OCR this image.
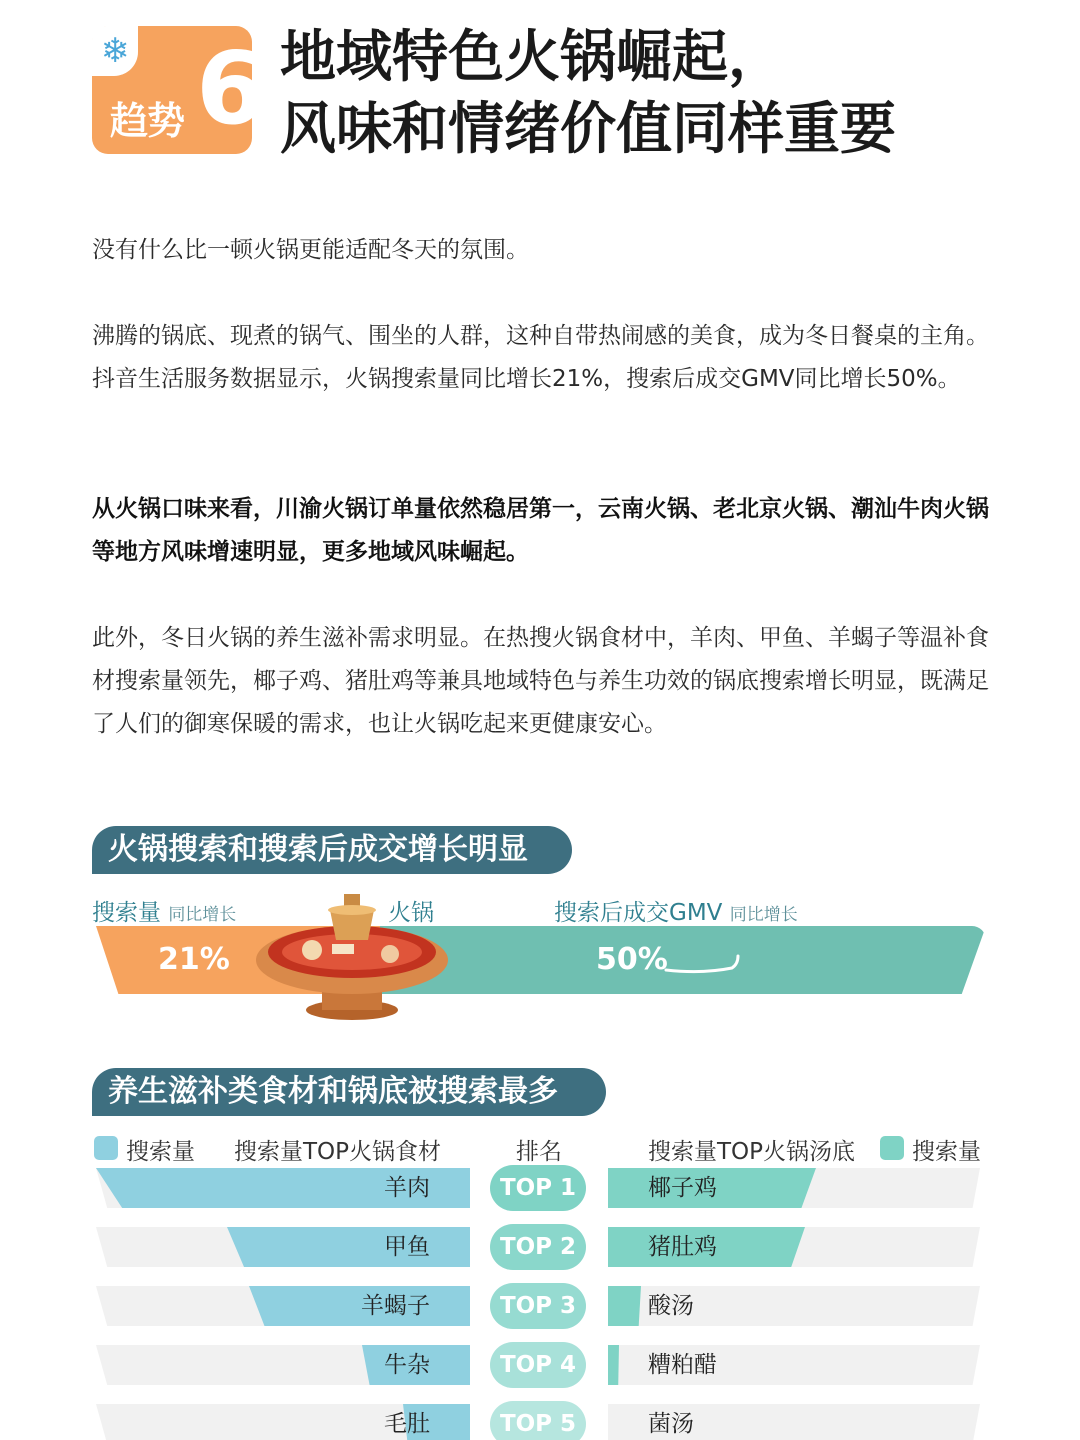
❄
趋势 6 地域特色火锅崛起，
风味和情绪价值同样重要
没有什么比一顿火锅更能适配冬天的氛围。
沸腾的锅底、现煮的锅气、围坐的人群，这种自带热闹感的美食，成为冬日餐桌的主角。抖音生活服务数据显示，火锅搜索量同比增长21%，搜索后成交GMV同比增长50%。
从火锅口味来看，川渝火锅订单量依然稳居第一，云南火锅、老北京火锅、潮汕牛肉火锅等地方风味增速明显，更多地域风味崛起。
此外，冬日火锅的养生滋补需求明显。在热搜火锅食材中，羊肉、甲鱼、羊蝎子等温补食材搜索量领先，椰子鸡、猪肚鸡等兼具地域特色与养生功效的锅底搜索增长明显，既满足了人们的御寒保暖的需求，也让火锅吃起来更健康安心。
火锅搜索和搜索后成交增长明显
搜索量 同比增长	火锅	搜索后成交GMV 同比增长
21%	50%
养生滋补类食材和锅底被搜索最多
搜索量 搜索量TOP火锅食材	排名	搜索量TOP火锅汤底 搜索量
羊肉	TOP 1	椰子鸡
甲鱼	TOP 2	猪肚鸡
羊蝎子	TOP 3	酸汤
牛杂	TOP 4	糟粕醋
毛肚	TOP 5	菌汤
